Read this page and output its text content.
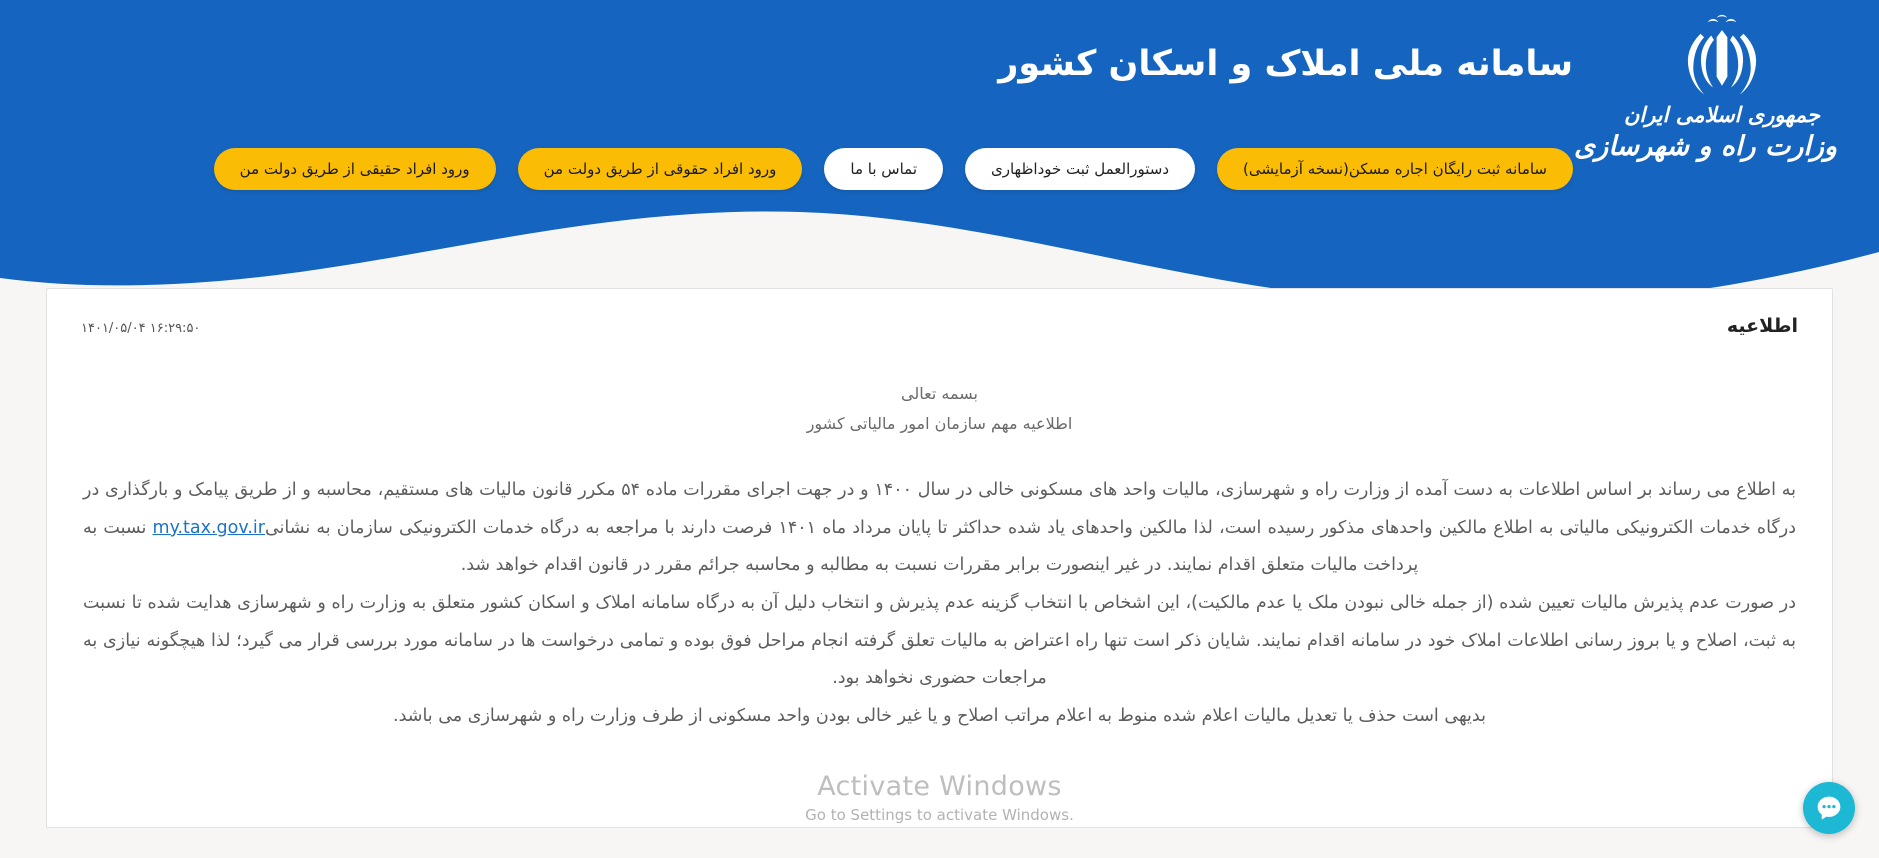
جمهوری اسلامی ایران
وزارت راه و شهرسازی
سامانه ملی املاک و اسکان کشور
سامانه ثبت رایگان اجاره مسکن(نسخه آزمایشی)
دستورالعمل ثبت خوداظهاری
تماس با ما
ورود افراد حقوقی از طریق دولت من
ورود افراد حقیقی از طریق دولت من
اطلاعیه
۱۴۰۱/۰۵/۰۴ ۱۶:۲۹:۵۰
بسمه تعالی
اطلاعیه مهم سازمان امور مالیاتی کشور

به اطلاع می رساند بر اساس اطلاعات به دست آمده از وزارت راه و شهرسازی، مالیات واحد های مسکونی خالی در سال ۱۴۰۰ و در جهت اجرای مقررات ماده ۵۴ مکرر قانون مالیات های مستقیم، محاسبه و از طریق پیامک و بارگذاری در درگاه خدمات الکترونیکی مالیاتی به اطلاع مالکین واحدهای مذکور رسیده است، لذا مالکین واحدهای یاد شده حداکثر تا پایان مرداد ماه ۱۴۰۱ فرصت دارند با مراجعه به درگاه خدمات الکترونیکی سازمان به نشانیmy.tax.gov.ir نسبت به پرداخت مالیات متعلق اقدام نمایند. در غیر اینصورت برابر مقررات نسبت به مطالبه و محاسبه جرائم مقرر در قانون اقدام خواهد شد.

در صورت عدم پذیرش مالیات تعیین شده (از جمله خالی نبودن ملک یا عدم مالکیت)، این اشخاص با انتخاب گزینه عدم پذیرش و انتخاب دلیل آن به درگاه سامانه املاک و اسکان کشور متعلق به وزارت راه و شهرسازی هدایت شده تا نسبت به ثبت، اصلاح و یا بروز رسانی اطلاعات املاک خود در سامانه اقدام نمایند. شایان ذکر است تنها راه اعتراض به مالیات تعلق گرفته انجام مراحل فوق بوده و تمامی درخواست ها در سامانه مورد بررسی قرار می گیرد؛ لذا هیچگونه نیازی به مراجعات حضوری نخواهد بود.

بدیهی است حذف یا تعدیل مالیات اعلام شده منوط به اعلام مراتب اصلاح و یا غیر خالی بودن واحد مسکونی از طرف وزارت راه و شهرسازی می باشد.

Activate Windows
Go to Settings to activate Windows.
